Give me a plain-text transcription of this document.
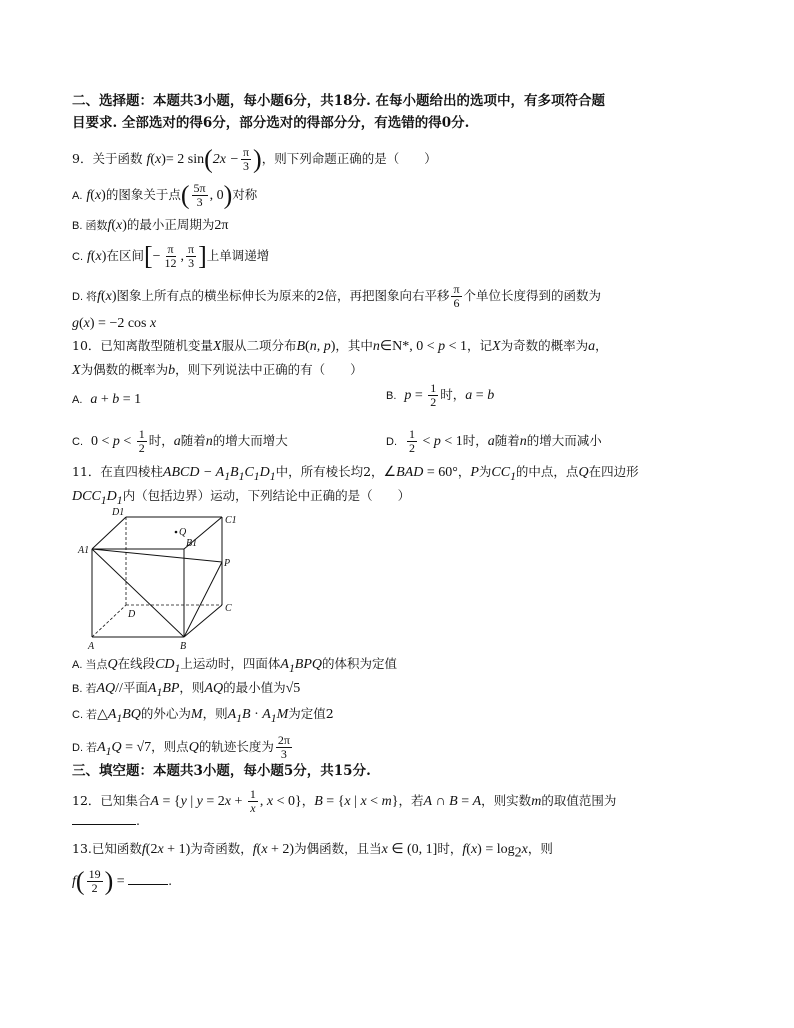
二、选择题：本题共3小题，每小题6分，共18分. 在每小题给出的选项中，有多项符合题
目要求. 全部选对的得6分，部分选对的得部分分，有选错的得0分.
9．关于函数 f(x)= 2 $\sin(2x - \frac{\pi}{3}$ )，则下列命题正确的是（　　）
A. f(x)的图象关于点( $\frac{5\pi}{3}$ , 0)对称
B. 函数f(x)的最小正周期为2π
C. f(x)在区间[− $\frac{\pi}{12}$ , $\frac{\pi}{3}$ ]上单调递增
D. 将f(x)图象上所有点的横坐标伸长为原来的2倍，再把图象向右平移 $\frac{\pi}{6}$ 个单位长度得到的函数为
g(x) = −2 cos x
10．已知离散型随机变量X服从二项分布B(n, p)，其中n∈N*, 0 < p < 1，记X为奇数的概率为a，
X为偶数的概率为b，则下列说法中正确的有（　　）
A. a + b = 1	B. $p = \frac{1}{2}$ 时，a = b
C. $0 < p < \frac{1}{2}$ 时，a随着n的增大而增大	D. $\frac{1}{2} < p < 1$时，a随着n的增大而减小
11．在直四棱柱ABCD − $A_1B_1C_1D_1$中，所有棱长均2，∠BAD = 60°，P为$CC_1$的中点，点Q在四边形
$DCC_1D_1$内（包括边界）运动，下列结论中正确的是（　　）
D1
C1
Q
A1
B1
P
D
C
A	B
A. 当点Q在线段$CD_1$上运动时，四面体$A_1BPQ$的体积为定值
B. 若AQ//平面$A_1BP$，则AQ的最小值为√5
C. 若$\triangle A_1BQ$的外心为M，则$A_1B \cdot A_1M$为定值2
D. 若$A_1Q = √7$，则点Q的轨迹长度为 $\frac{2\pi}{3}$
三、填空题：本题共3小题，每小题5分，共15分.
12．已知集合A = {y | $y = 2x + \frac{1}{x}$ , x < 0}，B = {x | x < m}，若A ∩ B = A，则实数m的取值范围为
.
13.已知函数f(2x + 1)为奇函数，f(x + 2)为偶函数，且当x ∈ (0, 1]时，$f(x) = \log_2x$，则
$f( \frac{19}{2}$ ) =	.
